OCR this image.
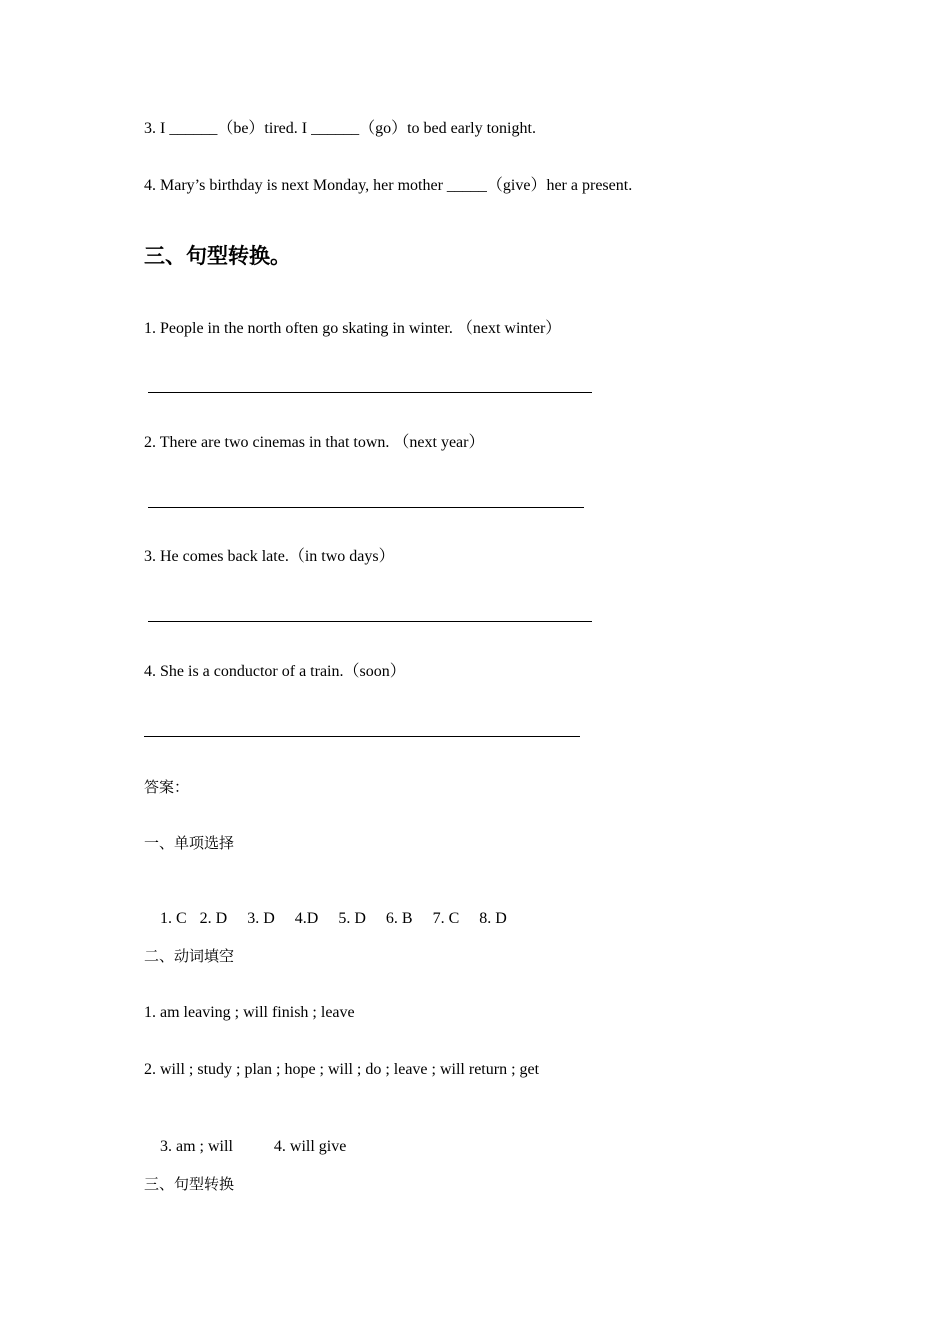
3. I ______（be）tired. I ______（go）to bed early tonight.
4. Mary’s birthday is next Monday, her mother _____（give）her a present.
三、句型转换。
1. People in the north often go skating in winter. （next winter）
2. There are two cinemas in that town. （next year）
3. He comes back late.（in two days）
4. She is a conductor of a train.（soon）
答案：
一、单项选择

1. C 2. D 3. D 4.D 5. D 6. B 7. C 8. D

二、动词填空
1. am leaving ; will finish ; leave
2. will ; study ; plan ; hope ; will ; do ; leave ; will return ; get

3. am ; will	4. will give

三、句型转换
